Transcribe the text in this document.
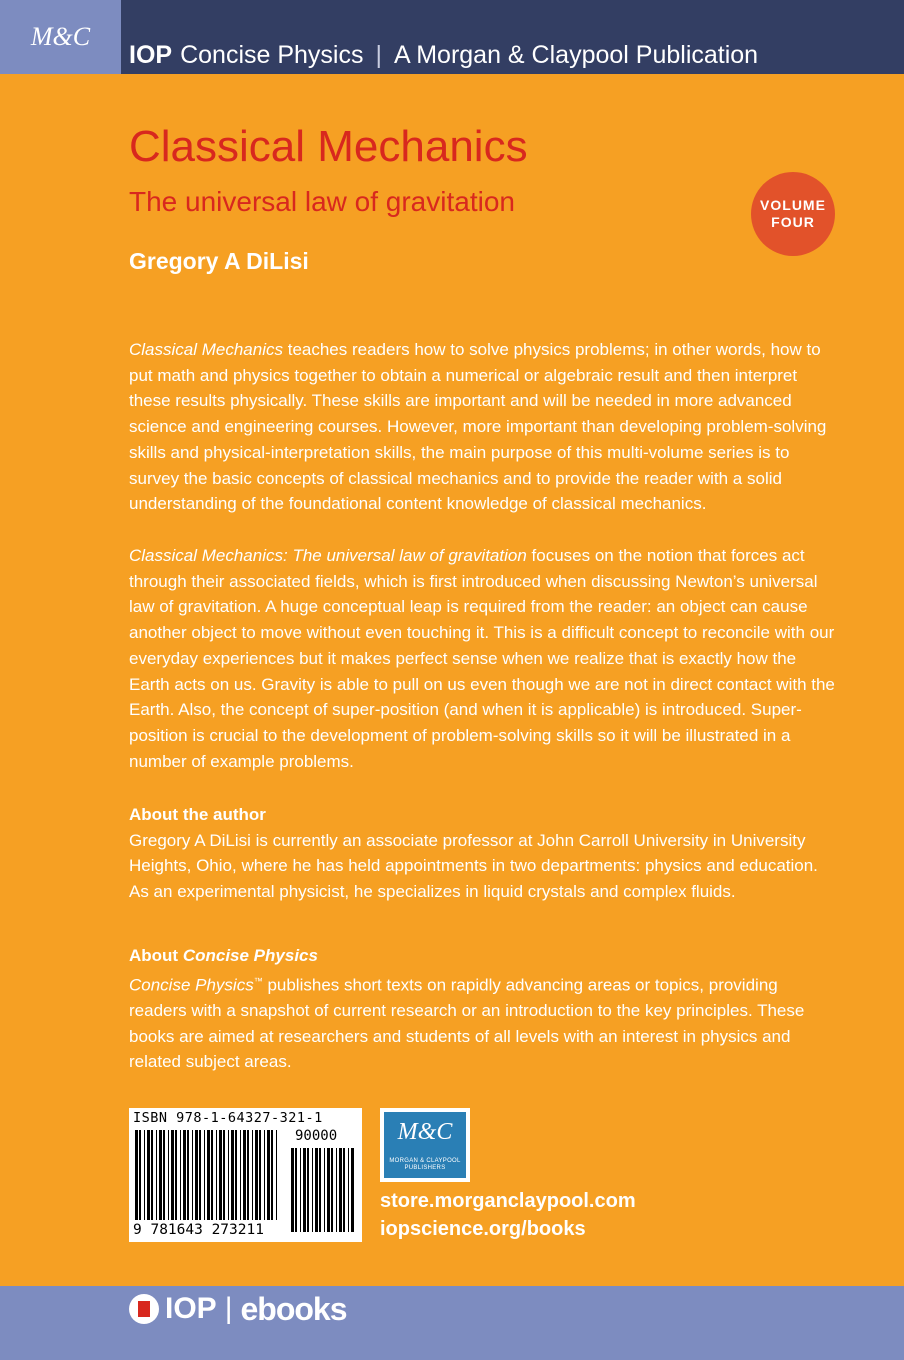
M&C
IOP Concise Physics | A Morgan & Claypool Publication
Classical Mechanics
The universal law of gravitation
Gregory A DiLisi
VOLUME
FOUR

Classical Mechanics teaches readers how to solve physics problems; in other words, how to put math and physics together to obtain a numerical or algebraic result and then interpret these results physically. These skills are important and will be needed in more advanced science and engineering courses. However, more important than developing problem-solving skills and physical-interpretation skills, the main purpose of this multi-volume series is to survey the basic concepts of classical mechanics and to provide the reader with a solid understanding of the foundational content knowledge of classical mechanics.

Classical Mechanics: The universal law of gravitation focuses on the notion that forces act through their associated fields, which is first introduced when discussing Newton’s universal law of gravitation. A huge conceptual leap is required from the reader: an object can cause another object to move without even touching it. This is a difficult concept to reconcile with our everyday experiences but it makes perfect sense when we realize that is exactly how the Earth acts on us. Gravity is able to pull on us even though we are not in direct contact with the Earth. Also, the concept of super-position (and when it is applicable) is introduced. Super-position is crucial to the development of problem-solving skills so it will be illustrated in a number of example problems.

About the author
Gregory A DiLisi is currently an associate professor at John Carroll University in University Heights, Ohio, where he has held appointments in two departments: physics and education. As an experimental physicist, he specializes in liquid crystals and complex fluids.
About Concise Physics
Concise Physics™ publishes short texts on rapidly advancing areas or topics, providing readers with a snapshot of current research or an introduction to the key principles. These books are aimed at researchers and students of all levels with an interest in physics and related subject areas.
ISBN 978-1-64327-321-1
90000
9 781643 273211
M&C
MORGAN & CLAYPOOL PUBLISHERS
store.morganclaypool.com
iopscience.org/books
IOP | ebooks
